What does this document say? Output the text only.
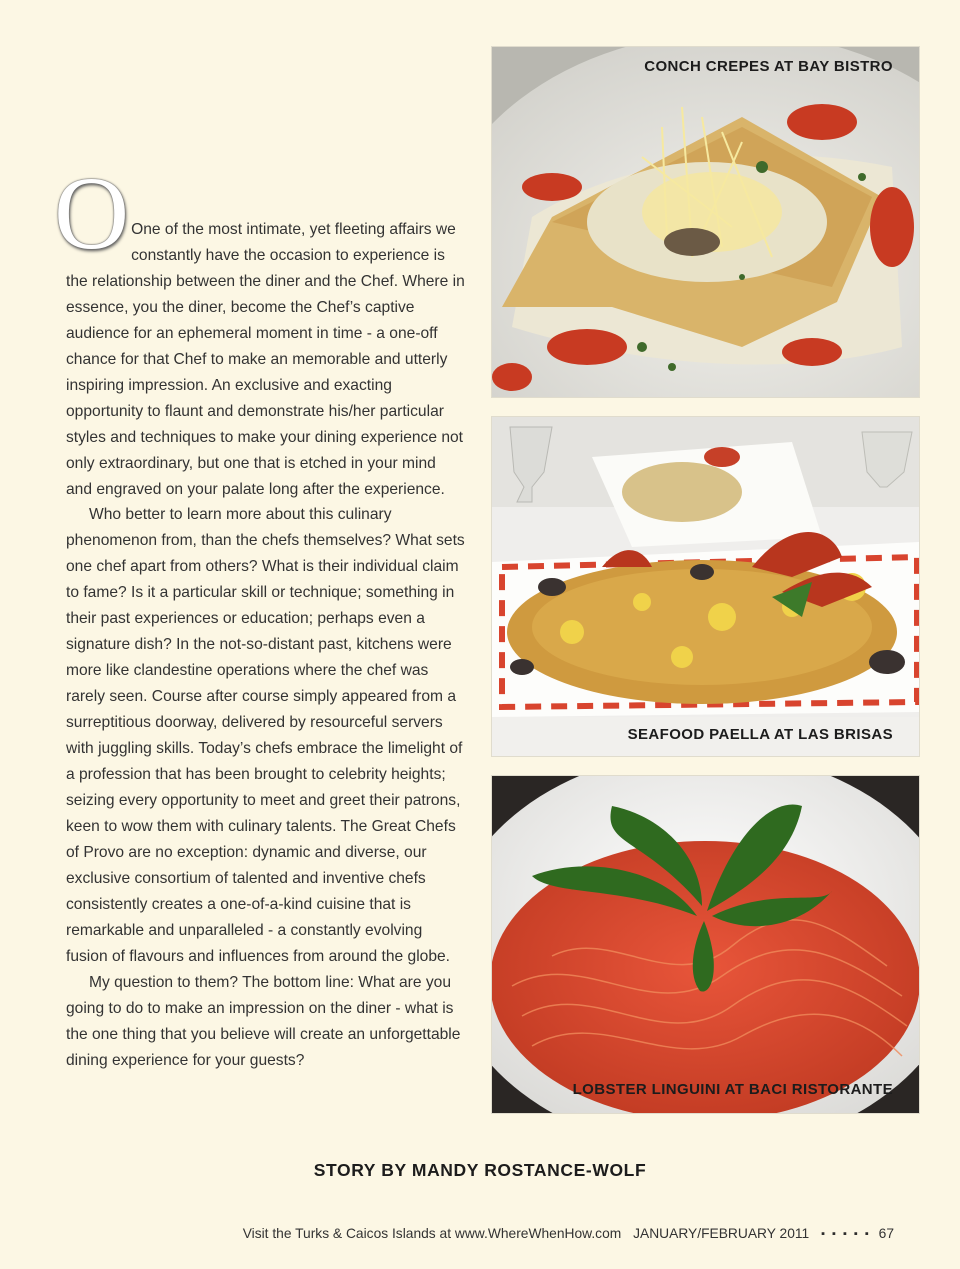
O One of the most intimate, yet fleeting affairs we constantly have the occasion to experience is the relationship between the diner and the Chef. Where in essence, you the diner, become the Chef’s captive audience for an ephemeral moment in time - a one-off chance for that Chef to make an memorable and utterly inspiring impression. An exclusive and exacting opportunity to flaunt and demonstrate his/her particular styles and techniques to make your dining experience not only extraordinary, but one that is etched in your mind and engraved on your palate long after the experience.

Who better to learn more about this culinary phenomenon from, than the chefs themselves? What sets one chef apart from others? What is their individual claim to fame? Is it a particular skill or technique; something in their past experiences or education; perhaps even a signature dish? In the not-so-distant past, kitchens were more like clandestine operations where the chef was rarely seen. Course after course simply appeared from a surreptitious doorway, delivered by resourceful servers with juggling skills. Today’s chefs embrace the limelight of a profession that has been brought to celebrity heights; seizing every opportunity to meet and greet their patrons, keen to wow them with culinary talents. The Great Chefs of Provo are no exception: dynamic and diverse, our exclusive consortium of talented and inventive chefs consistently creates a one-of-a-kind cuisine that is remarkable and unparalleled - a constantly evolving fusion of flavours and influences from around the globe.

My question to them? The bottom line: What are you going to do to make an impression on the diner - what is the one thing that you believe will create an unforgettable dining experience for your guests?

CONCH CREPES AT BAY BISTRO
SEAFOOD PAELLA AT LAS BRISAS
LOBSTER LINGUINI AT BACI RISTORANTE
STORY BY MANDY ROSTANCE-WOLF
Visit the Turks & Caicos Islands at www.WhereWhenHow.com JANUARY/FEBRUARY 2011 ▪ ▪ ▪ ▪ ▪ 67
